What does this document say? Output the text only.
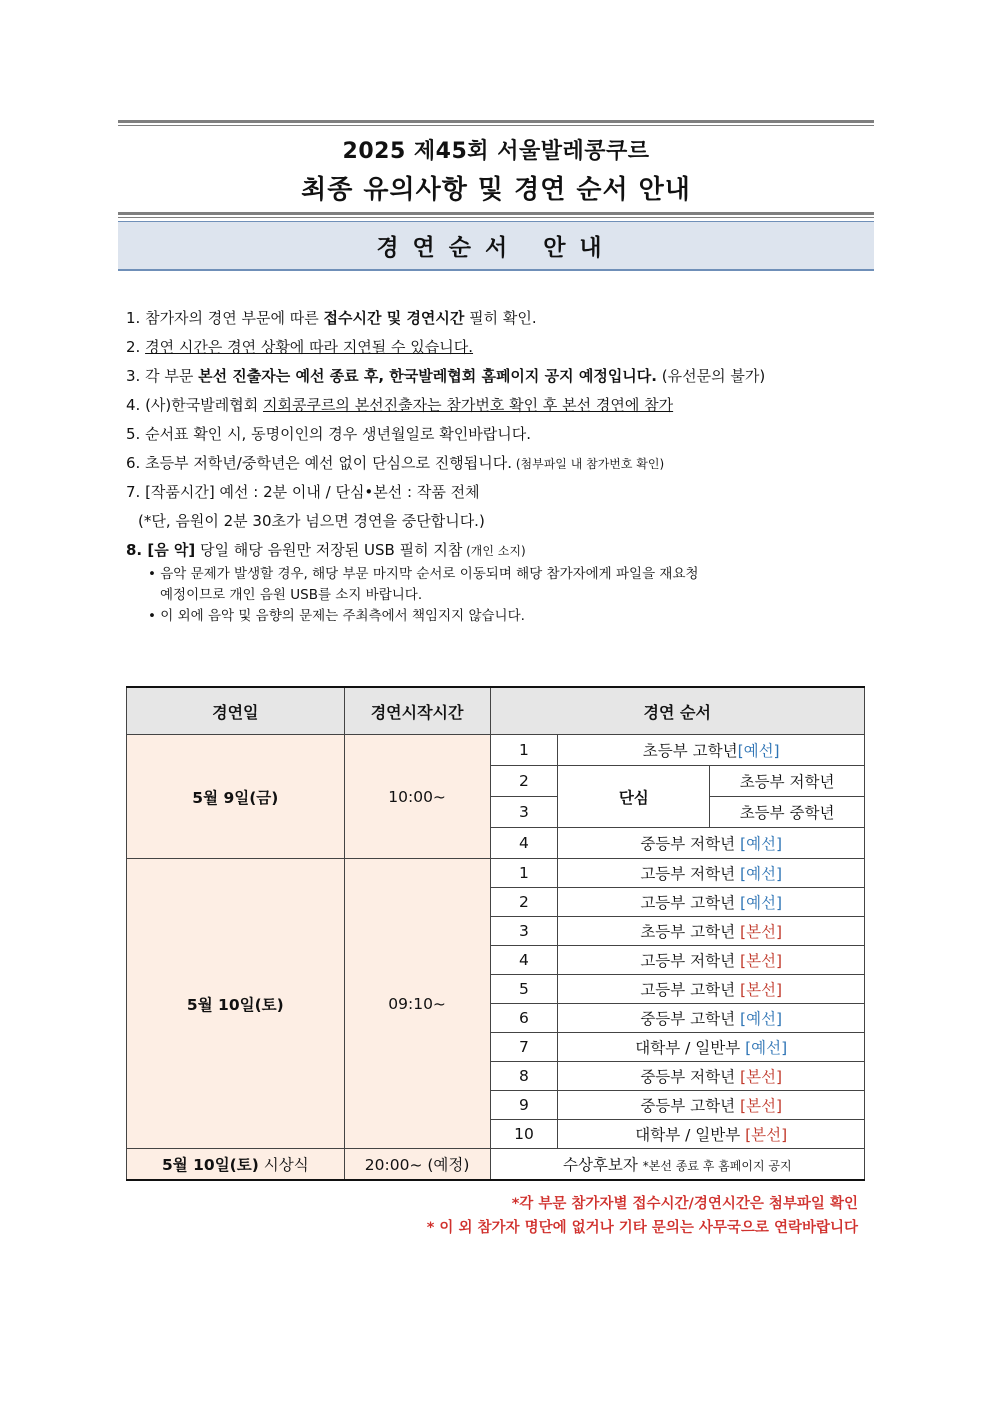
2025 제45회 서울발레콩쿠르
최종 유의사항 및 경연 순서 안내
경연순서 안내
1. 참가자의 경연 부문에 따른 접수시간 및 경연시간 필히 확인.
2. 경연 시간은 경연 상황에 따라 지연될 수 있습니다.
3. 각 부문 본선 진출자는 예선 종료 후, 한국발레협회 홈페이지 공지 예정입니다. (유선문의 불가)
4. (사)한국발레협회 지회콩쿠르의 본선진출자는 참가번호 확인 후 본선 경연에 참가
5. 순서표 확인 시, 동명이인의 경우 생년월일로 확인바랍니다.
6. 초등부 저학년/중학년은 예선 없이 단심으로 진행됩니다. (첨부파일 내 참가번호 확인)
7. [작품시간] 예선 : 2분 이내 / 단심•본선 : 작품 전체
(*단, 음원이 2분 30초가 넘으면 경연을 중단합니다.)
8. [음 악] 당일 해당 음원만 저장된 USB 필히 지참 (개인 소지)
• 음악 문제가 발생할 경우, 해당 부문 마지막 순서로 이동되며 해당 참가자에게 파일을 재요청
예정이므로 개인 음원 USB를 소지 바랍니다.
• 이 외에 음악 및 음향의 문제는 주최측에서 책임지지 않습니다.
경연일	경연시작시간	경연 순서		
5월 9일(금)	10:00~	1	초등부 고학년[예선]	
		2	단심	초등부 저학년
		3		초등부 중학년
		4	중등부 저학년 [예선]	
5월 10일(토)	09:10~	1	고등부 저학년 [예선]	
		2	고등부 고학년 [예선]	
		3	초등부 고학년 [본선]	
		4	고등부 저학년 [본선]	
		5	고등부 고학년 [본선]	
		6	중등부 고학년 [예선]	
		7	대학부 / 일반부 [예선]	
		8	중등부 저학년 [본선]	
		9	중등부 고학년 [본선]	
		10	대학부 / 일반부 [본선]	
5월 10일(토) 시상식	20:00~ (예정)	수상후보자 *본선 종료 후 홈페이지 공지		
*각 부문 참가자별 접수시간/경연시간은 첨부파일 확인
* 이 외 참가자 명단에 없거나 기타 문의는 사무국으로 연락바랍니다
